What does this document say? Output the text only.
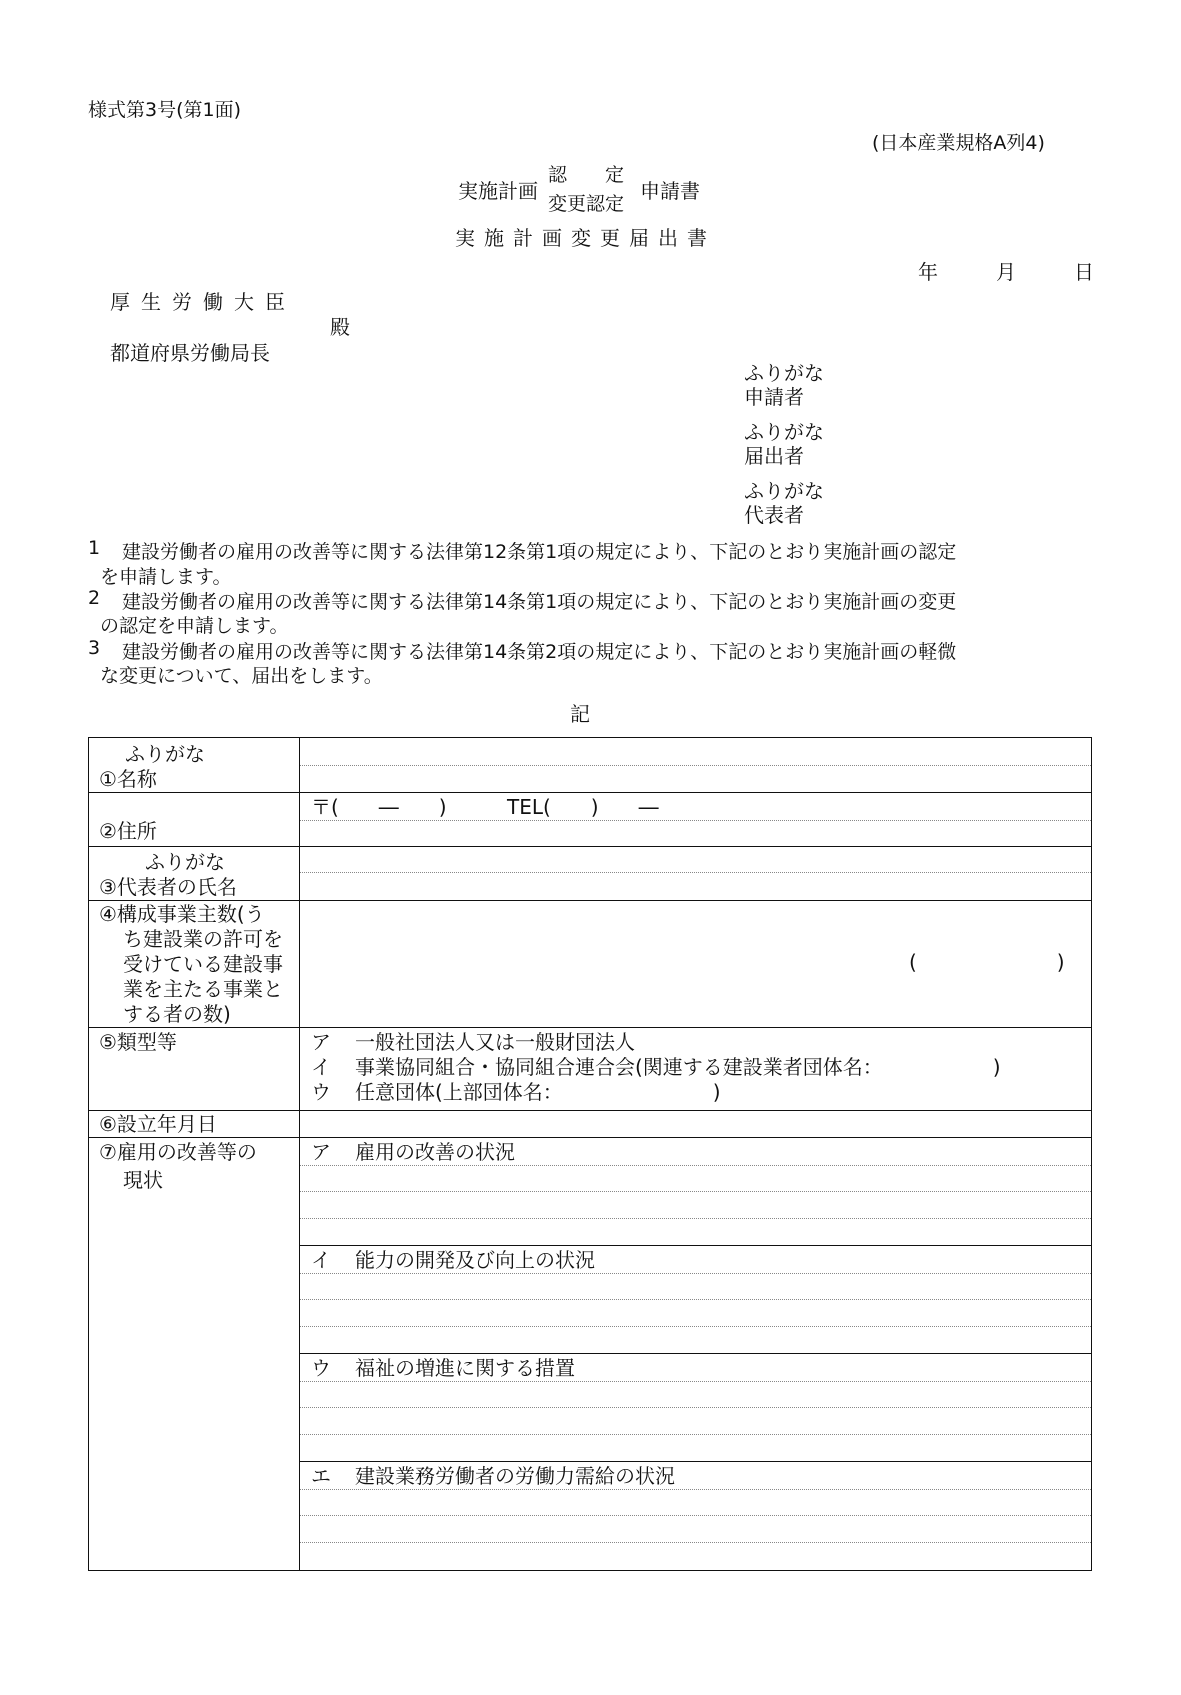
様式第3号(第1面)
(日本産業規格A列4)
実施計画
認　　定
変更認定
申請書
実施計画変更届出書
年　　月　　日
厚生労働大臣
殿
都道府県労働局長
ふりがな
申請者
ふりがな
届出者
ふりがな
代表者
1 建設労働者の雇用の改善等に関する法律第12条第1項の規定により、下記のとおり実施計画の認定
を申請します。
2 建設労働者の雇用の改善等に関する法律第14条第1項の規定により、下記のとおり実施計画の変更
の認定を申請します。
3 建設労働者の雇用の改善等に関する法律第14条第2項の規定により、下記のとおり実施計画の軽微
な変更について、届出をします。
記
ふりがな
①名称
②住所
〒(　　―　　)	TEL(　　)　　―
ふりがな
③代表者の氏名
④構成事業主数(う
ち建設業の許可を
受けている建設事
業を主たる事業と
する者の数)
(　　　　　　　)
⑤類型等	ア 一般社団法人又は一般財団法人
イ 事業協同組合・協同組合連合会(関連する建設業者団体名：　　　　　　)
ウ 任意団体(上部団体名：　　　　　　　　)
⑥設立年月日
⑦雇用の改善等の
現状
ア 雇用の改善の状況
イ 能力の開発及び向上の状況
ウ 福祉の増進に関する措置
エ 建設業務労働者の労働力需給の状況
